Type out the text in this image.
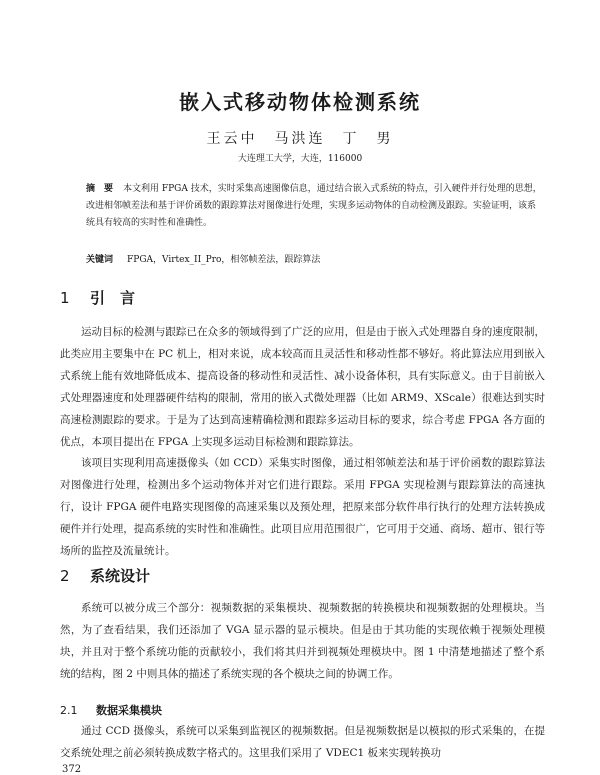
嵌入式移动物体检测系统
王云中　马洪连　丁　男
大连理工大学，大连，116000
摘　要 本文利用 FPGA 技术，实时采集高速图像信息，通过结合嵌入式系统的特点，引入硬件并行处理的思想，改进相邻帧差法和基于评价函数的跟踪算法对图像进行处理，实现多运动物体的自动检测及跟踪。实验证明，该系统具有较高的实时性和准确性。
关键词 FPGA，Virtex_II_Pro，相邻帧差法，跟踪算法
1 引　言

运动目标的检测与跟踪已在众多的领域得到了广泛的应用，但是由于嵌入式处理器自身的速度限制，此类应用主要集中在 PC 机上，相对来说，成本较高而且灵活性和移动性都不够好。将此算法应用到嵌入式系统上能有效地降低成本、提高设备的移动性和灵活性、减小设备体积，具有实际意义。由于目前嵌入式处理器速度和处理器硬件结构的限制，常用的嵌入式微处理器（比如 ARM9、XScale）很难达到实时高速检测跟踪的要求。于是为了达到高速精确检测和跟踪多运动目标的要求，综合考虑 FPGA 各方面的优点，本项目提出在 FPGA 上实现多运动目标检测和跟踪算法。

该项目实现利用高速摄像头（如 CCD）采集实时图像，通过相邻帧差法和基于评价函数的跟踪算法对图像进行处理，检测出多个运动物体并对它们进行跟踪。采用 FPGA 实现检测与跟踪算法的高速执行，设计 FPGA 硬件电路实现图像的高速采集以及预处理，把原来部分软件串行执行的处理方法转换成硬件并行处理，提高系统的实时性和准确性。此项目应用范围很广，它可用于交通、商场、超市、银行等场所的监控及流量统计。

2 系统设计

系统可以被分成三个部分：视频数据的采集模块、视频数据的转换模块和视频数据的处理模块。当然，为了查看结果，我们还添加了 VGA 显示器的显示模块。但是由于其功能的实现依赖于视频处理模块，并且对于整个系统功能的贡献较小，我们将其归并到视频处理模块中。图 1 中清楚地描述了整个系统的结构，图 2 中则具体的描述了系统实现的各个模块之间的协调工作。

2.1 数据采集模块

通过 CCD 摄像头，系统可以采集到监视区的视频数据。但是视频数据是以模拟的形式采集的，在提交系统处理之前必须转换成数字格式的。这里我们采用了 VDEC1 板来实现转换功

372
